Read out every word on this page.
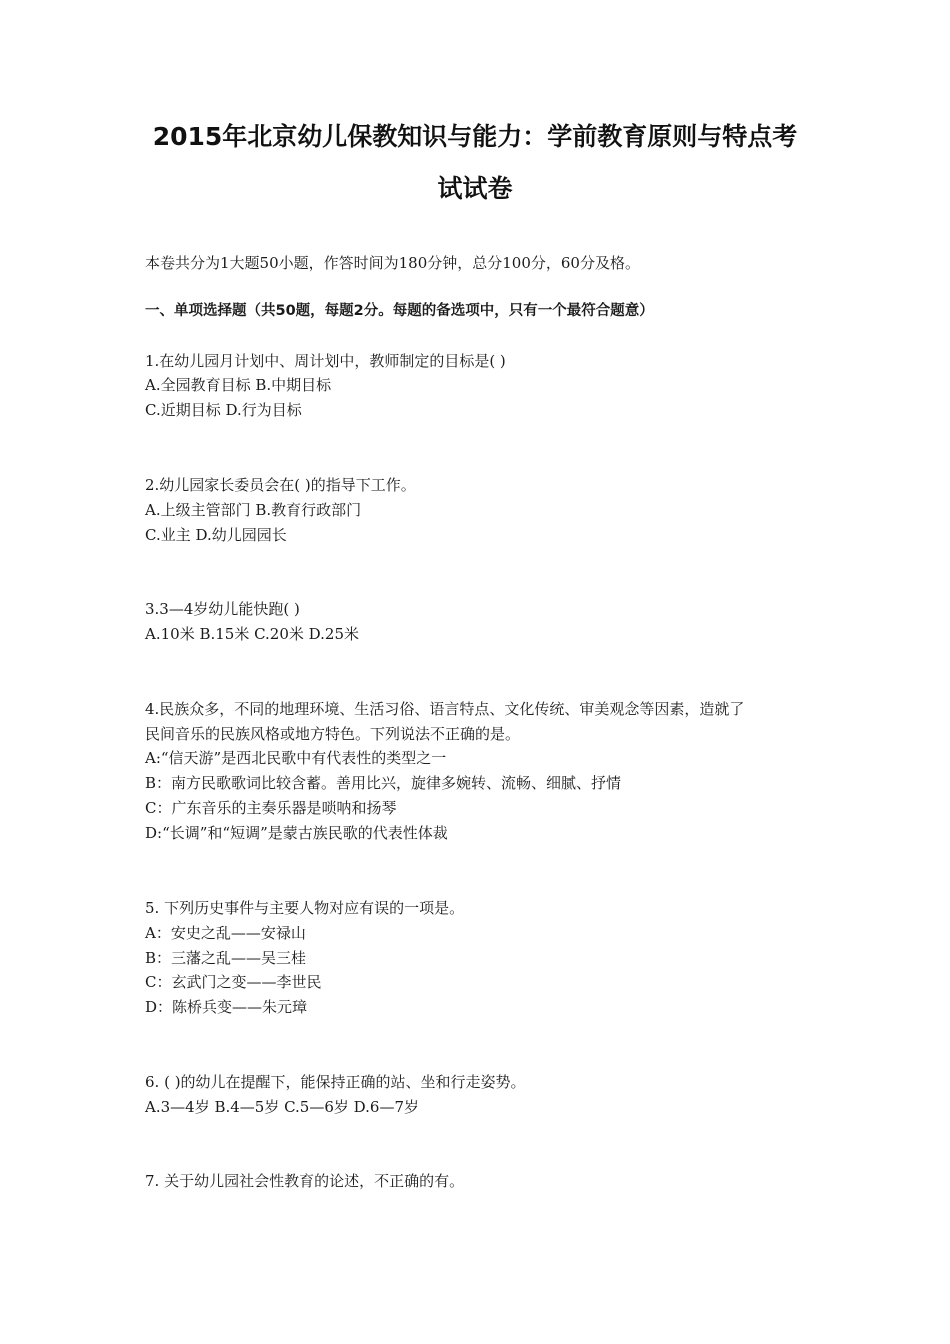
2015年北京幼儿保教知识与能力：学前教育原则与特点考
试试卷
本卷共分为1大题50小题，作答时间为180分钟，总分100分，60分及格。
一、单项选择题（共50题，每题2分。每题的备选项中，只有一个最符合题意）
1.在幼儿园月计划中、周计划中，教师制定的目标是( )
A.全园教育目标 B.中期目标
C.近期目标 D.行为目标
2.幼儿园家长委员会在( )的指导下工作。
A.上级主管部门 B.教育行政部门
C.业主 D.幼儿园园长
3.3—4岁幼儿能快跑( )
A.10米 B.15米 C.20米 D.25米
4.民族众多，不同的地理环境、生活习俗、语言特点、文化传统、审美观念等因素，造就了
民间音乐的民族风格或地方特色。下列说法不正确的是。
A:“信天游”是西北民歌中有代表性的类型之一
B：南方民歌歌词比较含蓄。善用比兴，旋律多婉转、流畅、细腻、抒情
C：广东音乐的主奏乐器是唢呐和扬琴
D:“长调”和“短调”是蒙古族民歌的代表性体裁
5. 下列历史事件与主要人物对应有误的一项是。
A：安史之乱——安禄山
B：三藩之乱——吴三桂
C：玄武门之变——李世民
D：陈桥兵变——朱元璋
6. ( )的幼儿在提醒下，能保持正确的站、坐和行走姿势。
A.3—4岁 B.4—5岁 C.5—6岁 D.6—7岁
7. 关于幼儿园社会性教育的论述，不正确的有。
